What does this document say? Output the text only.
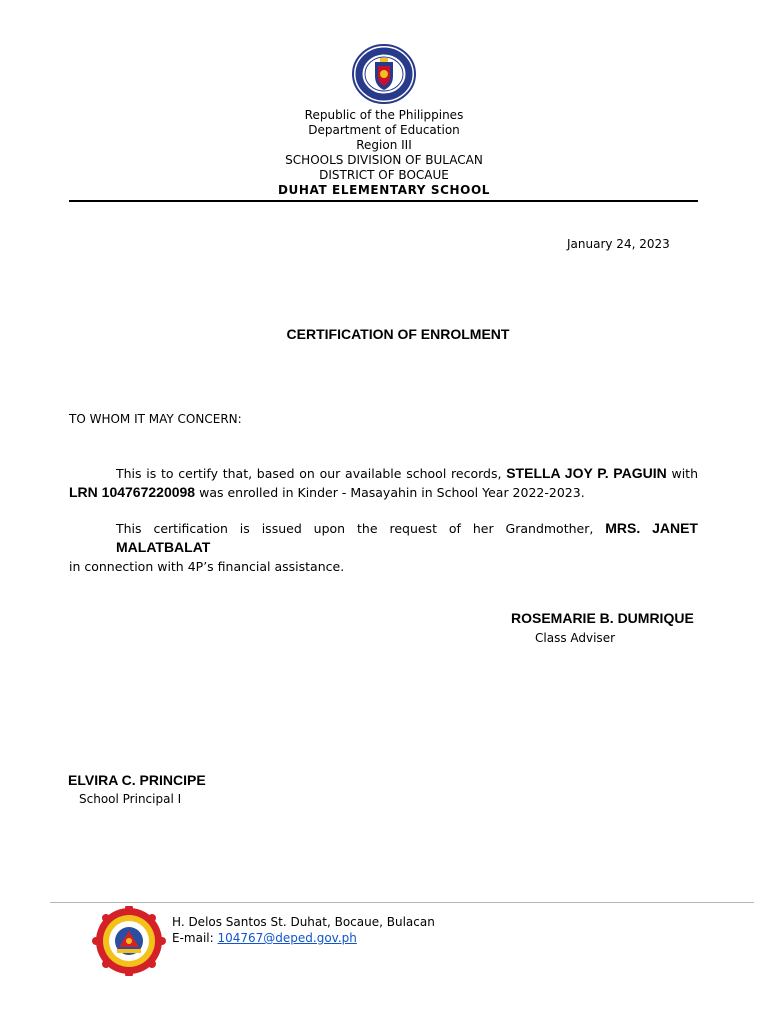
Republic of the Philippines
Department of Education
Region III
SCHOOLS DIVISION OF BULACAN
DISTRICT OF BOCAUE
DUHAT ELEMENTARY SCHOOL
January 24, 2023
CERTIFICATION OF ENROLMENT
TO WHOM IT MAY CONCERN:
This is to certify that, based on our available school records, STELLA JOY P. PAGUIN with
LRN 104767220098 was enrolled in Kinder - Masayahin in School Year 2022-2023.
This certification is issued upon the request of her Grandmother, MRS. JANET MALATBALAT
in connection with 4P’s financial assistance.
ROSEMARIE B. DUMRIQUE
Class Adviser
ELVIRA C. PRINCIPE
School Principal I
H. Delos Santos St. Duhat, Bocaue, Bulacan
E-mail: 104767@deped.gov.ph
